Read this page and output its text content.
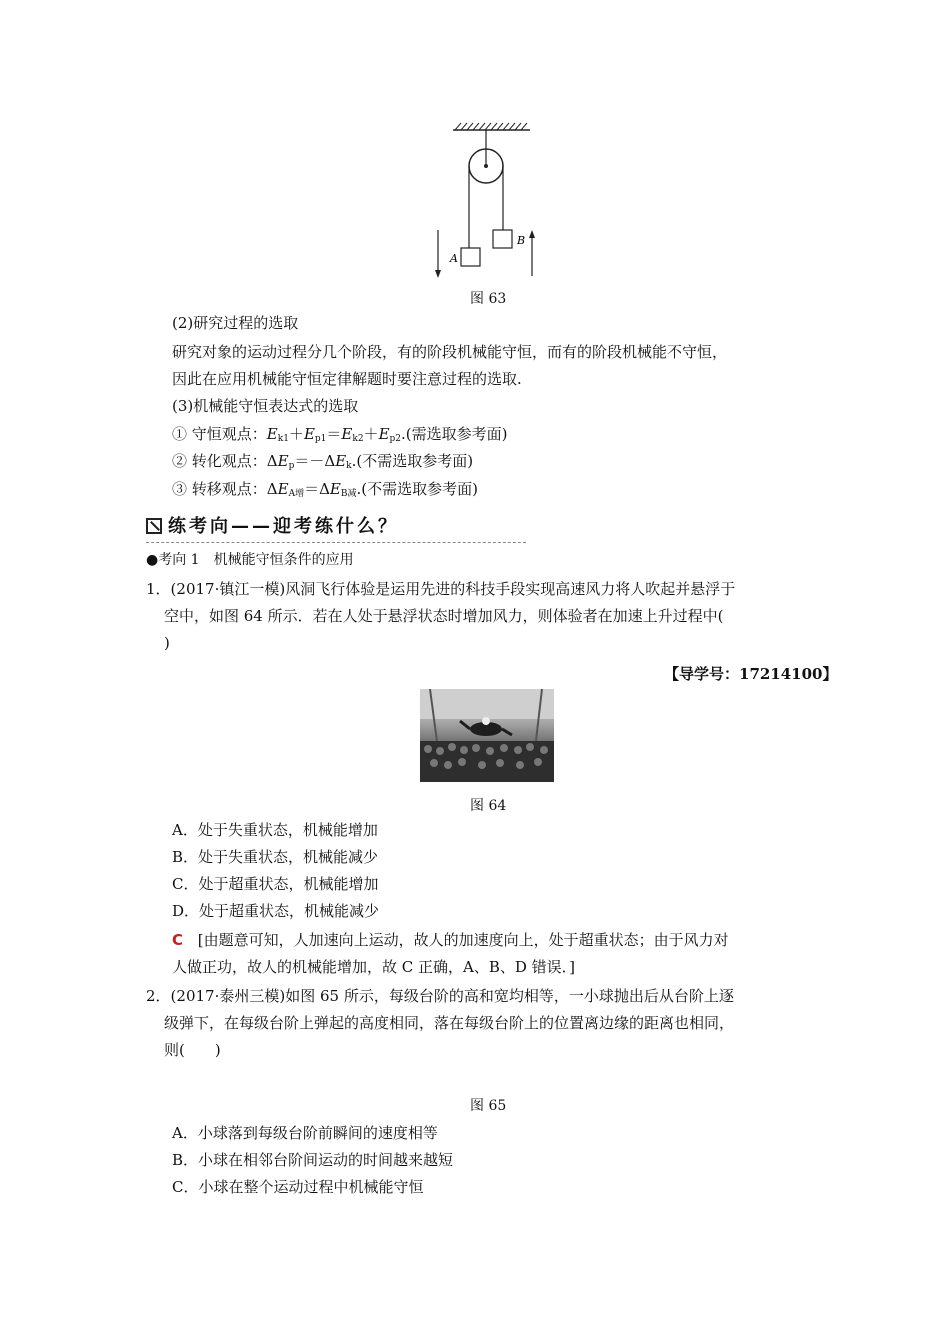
A
B
图 63
(2)研究过程的选取
研究对象的运动过程分几个阶段，有的阶段机械能守恒，而有的阶段机械能不守恒，
因此在应用机械能守恒定律解题时要注意过程的选取.
(3)机械能守恒表达式的选取
① 守恒观点：$E_{k1}+E_{p1}=E_{k2}+E_{p2}$.(需选取参考面)
② 转化观点：$\Delta E_p=-\Delta E_k$.(不需选取参考面)
③ 转移观点：$\Delta E_{A增}=\Delta E_{B减}$.(不需选取参考面)
练考向——迎考练什么？
●考向 1　机械能守恒条件的应用
1．(2017·镇江一模)风洞飞行体验是运用先进的科技手段实现高速风力将人吹起并悬浮于
空中，如图 64 所示．若在人处于悬浮状态时增加风力，则体验者在加速上升过程中(
)
【导学号：17214100】
图 64
A．处于失重状态，机械能增加
B．处于失重状态，机械能减少
C．处于超重状态，机械能增加
D．处于超重状态，机械能减少
C [由题意可知，人加速向上运动，故人的加速度向上，处于超重状态；由于风力对
人做正功，故人的机械能增加，故 C 正确，A、B、D 错误．]
2．(2017·泰州三模)如图 65 所示，每级台阶的高和宽均相等，一小球抛出后从台阶上逐
级弹下，在每级台阶上弹起的高度相同，落在每级台阶上的位置离边缘的距离也相同，
则(　　)
图 65
A．小球落到每级台阶前瞬间的速度相等
B．小球在相邻台阶间运动的时间越来越短
C．小球在整个运动过程中机械能守恒
